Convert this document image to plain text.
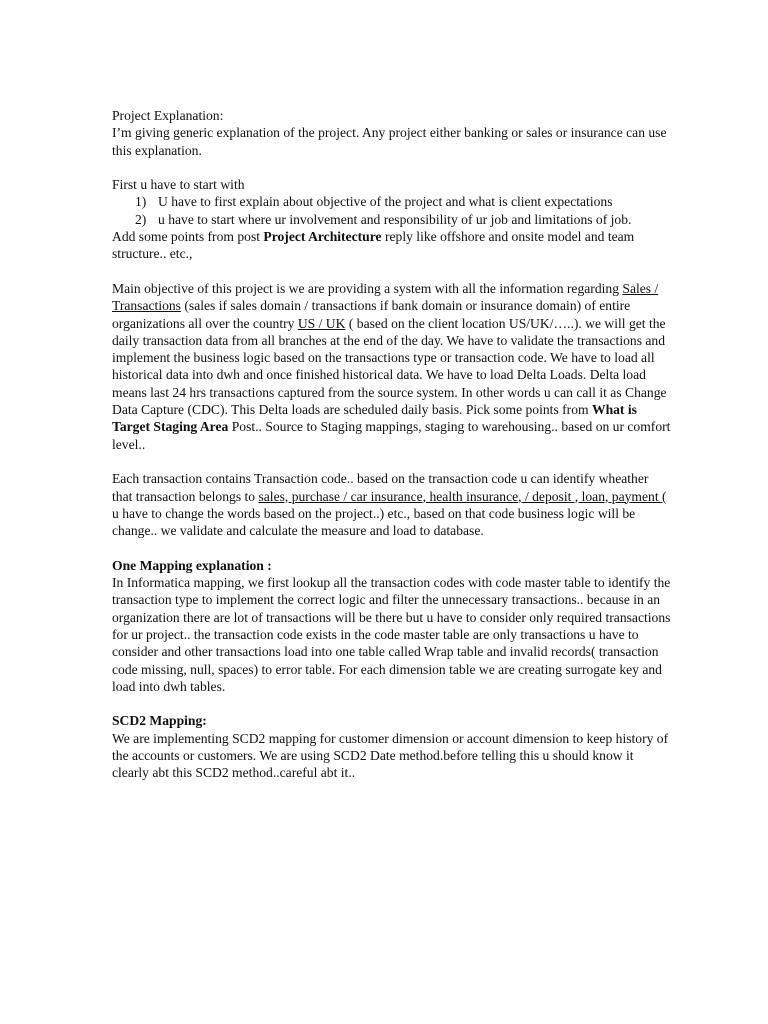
Project Explanation:

I’m giving generic explanation of the project. Any project either banking or sales or insurance can use this explanation.

First u have to start with

1) U have to first explain about objective of the project and what is client expectations
2) u have to start where ur involvement and responsibility of ur job and limitations of job.

Add some points from post Project Architecture reply like offshore and onsite model and team structure.. etc.,

Main objective of this project is we are providing a system with all the information regarding Sales / Transactions (sales if sales domain / transactions if bank domain or insurance domain) of entire organizations all over the country US / UK ( based on the client location US/UK/…..). we will get the daily transaction data from all branches at the end of the day. We have to validate the transactions and implement the business logic based on the transactions type or transaction code. We have to load all historical data into dwh and once finished historical data. We have to load Delta Loads. Delta load means last 24 hrs transactions captured from the source system. In other words u can call it as Change Data Capture (CDC). This Delta loads are scheduled daily basis. Pick some points from What is Target Staging Area Post.. Source to Staging mappings, staging to warehousing.. based on ur comfort level..

Each transaction contains Transaction code.. based on the transaction code u can identify wheather that transaction belongs to sales, purchase / car insurance, health insurance, / deposit , loan, payment ( u have to change the words based on the project..) etc., based on that code business logic will be change.. we validate and calculate the measure and load to database.

One Mapping explanation :

In Informatica mapping, we first lookup all the transaction codes with code master table to identify the transaction type to implement the correct logic and filter the unnecessary transactions.. because in an organization there are lot of transactions will be there but u have to consider only required transactions for ur project.. the transaction code exists in the code master table are only transactions u have to consider and other transactions load into one table called Wrap table and invalid records( transaction code missing, null, spaces) to error table. For each dimension table we are creating surrogate key and load into dwh tables.

SCD2 Mapping:

We are implementing SCD2 mapping for customer dimension or account dimension to keep history of the accounts or customers. We are using SCD2 Date method.before telling this u should know it clearly abt this SCD2 method..careful abt it..
